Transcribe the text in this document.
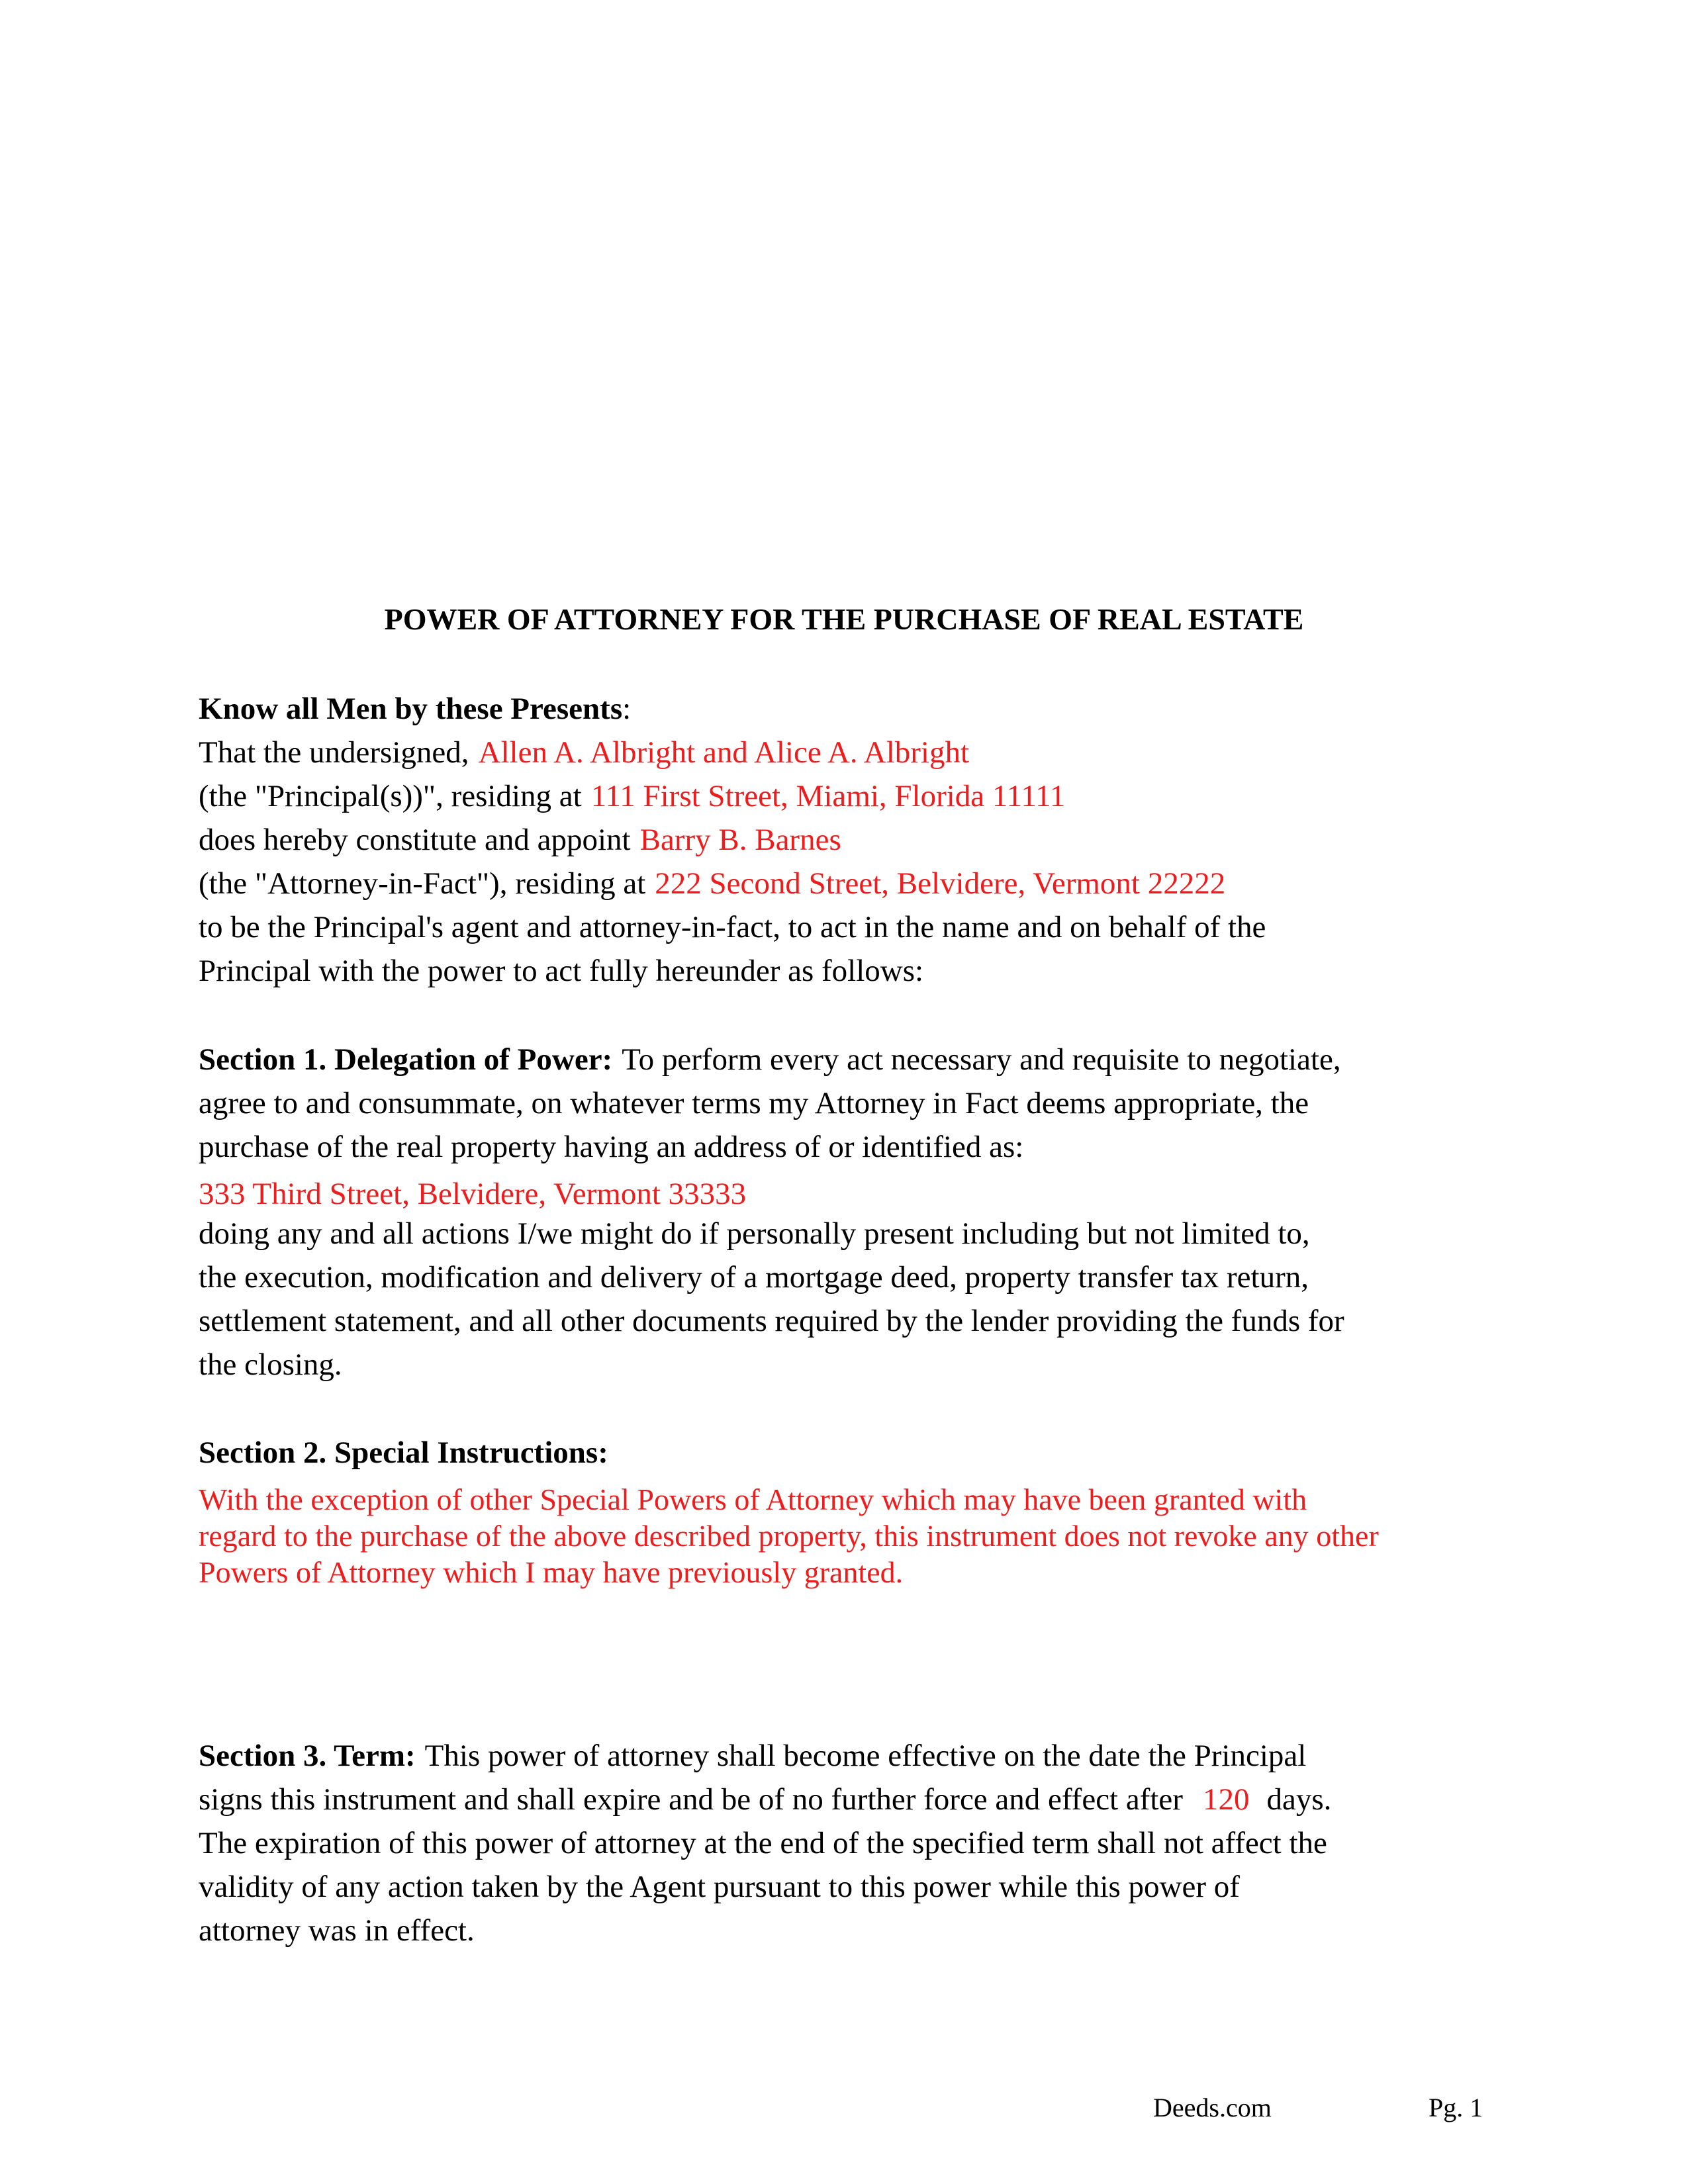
POWER OF ATTORNEY FOR THE PURCHASE OF REAL ESTATE
Know all Men by these Presents:
That the undersigned, Allen A. Albright and Alice A. Albright
(the "Principal(s))", residing at 111 First Street, Miami, Florida 11111
does hereby constitute and appoint Barry B. Barnes
(the "Attorney-in-Fact"), residing at 222 Second Street, Belvidere, Vermont 22222
to be the Principal's agent and attorney-in-fact, to act in the name and on behalf of the
Principal with the power to act fully hereunder as follows:
Section 1. Delegation of Power: To perform every act necessary and requisite to negotiate,
agree to and consummate, on whatever terms my Attorney in Fact deems appropriate, the
purchase of the real property having an address of or identified as:
333 Third Street, Belvidere, Vermont 33333
doing any and all actions I/we might do if personally present including but not limited to,
the execution, modification and delivery of a mortgage deed, property transfer tax return,
settlement statement, and all other documents required by the lender providing the funds for
the closing.
Section 2. Special Instructions:
With the exception of other Special Powers of Attorney which may have been granted with
regard to the purchase of the above described property, this instrument does not revoke any other
Powers of Attorney which I may have previously granted.
Section 3. Term: This power of attorney shall become effective on the date the Principal
signs this instrument and shall expire and be of no further force and effect after 120 days.
The expiration of this power of attorney at the end of the specified term shall not affect the
validity of any action taken by the Agent pursuant to this power while this power of
attorney was in effect.
Deeds.com	Pg. 1
